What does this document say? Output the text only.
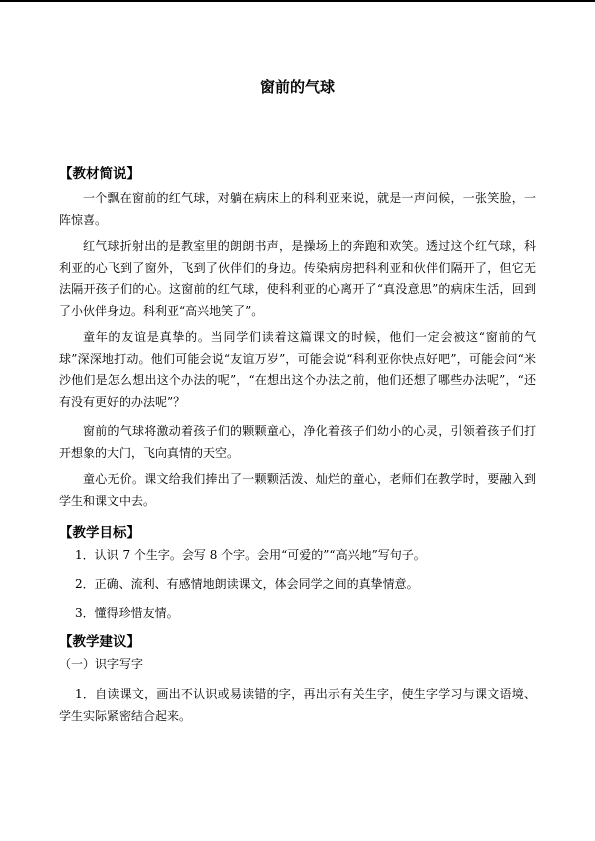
窗前的气球
【教材简说】
一个飘在窗前的红气球，对躺在病床上的科利亚来说，就是一声问候，一张笑脸，一阵惊喜。
红气球折射出的是教室里的朗朗书声，是操场上的奔跑和欢笑。透过这个红气球，科利亚的心飞到了窗外，飞到了伙伴们的身边。传染病房把科利亚和伙伴们隔开了，但它无法隔开孩子们的心。这窗前的红气球，使科利亚的心离开了“真没意思”的病床生活，回到了小伙伴身边。科利亚“高兴地笑了”。
童年的友谊是真挚的。当同学们读着这篇课文的时候，他们一定会被这“窗前的气球”深深地打动。他们可能会说“友谊万岁”，可能会说“科利亚你快点好吧”，可能会问“米沙他们是怎么想出这个办法的呢”，“在想出这个办法之前，他们还想了哪些办法呢”，“还有没有更好的办法呢”？
窗前的气球将激动着孩子们的颗颗童心，净化着孩子们幼小的心灵，引领着孩子们打开想象的大门，飞向真情的天空。
童心无价。课文给我们捧出了一颗颗活泼、灿烂的童心，老师们在教学时，要融入到学生和课文中去。
【教学目标】
1．认识 7 个生字。会写 8 个字。会用“可爱的”“高兴地”写句子。
2．正确、流利、有感情地朗读课文，体会同学之间的真挚情意。
3．懂得珍惜友情。
【教学建议】
（一）识字写字
1．自读课文，画出不认识或易读错的字，再出示有关生字，使生字学习与课文语境、学生实际紧密结合起来。
